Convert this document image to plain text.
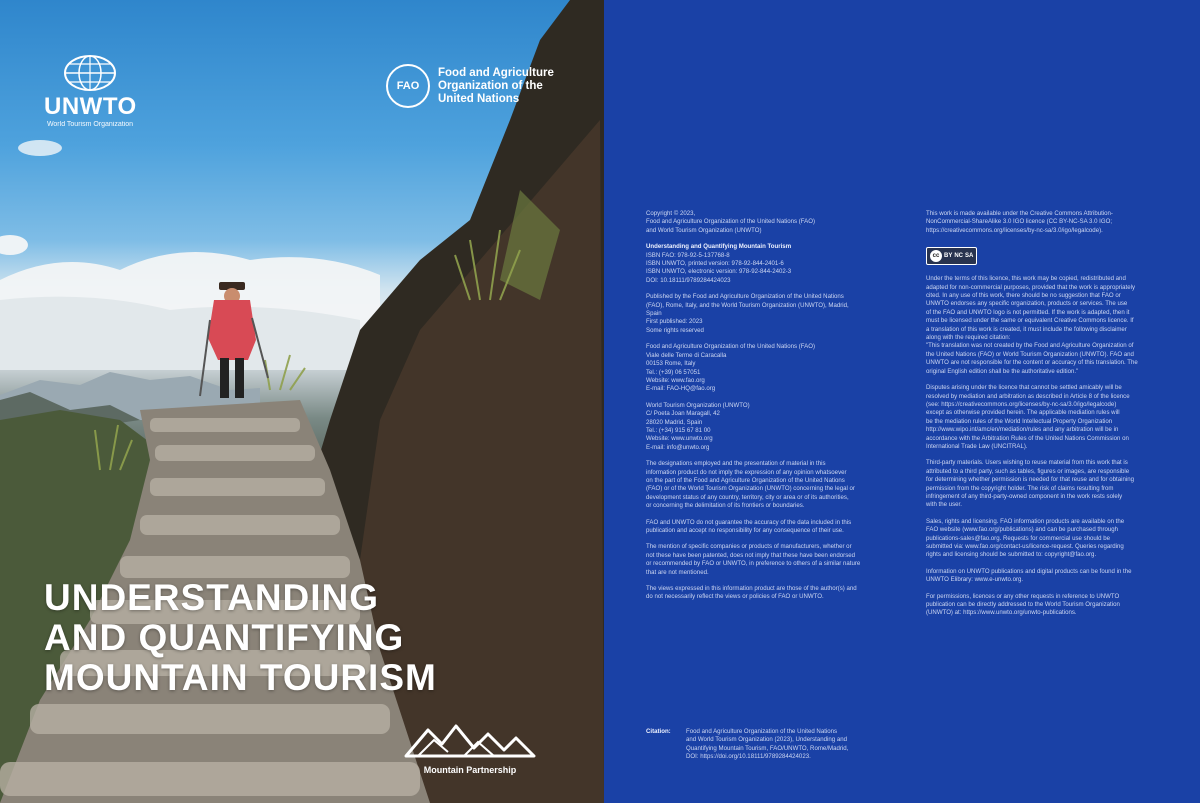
UNWTO
World Tourism Organization
FAO
Food and Agriculture
Organization of the
United Nations
UNDERSTANDING
AND QUANTIFYING
MOUNTAIN TOURISM
Mountain Partnership

Copyright © 2023,
Food and Agriculture Organization of the United Nations (FAO)
and World Tourism Organization (UNWTO)

Understanding and Quantifying Mountain Tourism
ISBN FAO: 978-92-5-137768-8
ISBN UNWTO, printed version: 978-92-844-2401-6
ISBN UNWTO, electronic version: 978-92-844-2402-3
DOI: 10.18111/9789284424023

Published by the Food and Agriculture Organization of the United Nations
(FAO), Rome, Italy, and the World Tourism Organization (UNWTO), Madrid,
Spain
First published: 2023
Some rights reserved

Food and Agriculture Organization of the United Nations (FAO)
Viale delle Terme di Caracalla
00153 Rome, Italy
Tel.: (+39) 06 57051
Website: www.fao.org
E-mail: FAO-HQ@fao.org

World Tourism Organization (UNWTO)
C/ Poeta Joan Maragall, 42
28020 Madrid, Spain
Tel.: (+34) 915 67 81 00
Website: www.unwto.org
E-mail: info@unwto.org

The designations employed and the presentation of material in this
information product do not imply the expression of any opinion whatsoever
on the part of the Food and Agriculture Organization of the United Nations
(FAO) or of the World Tourism Organization (UNWTO) concerning the legal or
development status of any country, territory, city or area or of its authorities,
or concerning the delimitation of its frontiers or boundaries.

FAO and UNWTO do not guarantee the accuracy of the data included in this
publication and accept no responsibility for any consequence of their use.

The mention of specific companies or products of manufacturers, whether or
not these have been patented, does not imply that these have been endorsed
or recommended by FAO or UNWTO, in preference to others of a similar nature
that are not mentioned.

The views expressed in this information product are those of the author(s) and
do not necessarily reflect the views or policies of FAO or UNWTO.

This work is made available under the Creative Commons Attribution-
NonCommercial-ShareAlike 3.0 IGO licence (CC BY-NC-SA 3.0 IGO;
https://creativecommons.org/licenses/by-nc-sa/3.0/igo/legalcode).

cc BY NC SA

Under the terms of this licence, this work may be copied, redistributed and
adapted for non-commercial purposes, provided that the work is appropriately
cited. In any use of this work, there should be no suggestion that FAO or
UNWTO endorses any specific organization, products or services. The use
of the FAO and UNWTO logo is not permitted. If the work is adapted, then it
must be licensed under the same or equivalent Creative Commons licence. If
a translation of this work is created, it must include the following disclaimer
along with the required citation:
"This translation was not created by the Food and Agriculture Organization of
the United Nations (FAO) or World Tourism Organization (UNWTO). FAO and
UNWTO are not responsible for the content or accuracy of this translation. The
original English edition shall be the authoritative edition."

Disputes arising under the licence that cannot be settled amicably will be
resolved by mediation and arbitration as described in Article 8 of the licence
(see: https://creativecommons.org/licenses/by-nc-sa/3.0/igo/legalcode)
except as otherwise provided herein. The applicable mediation rules will
be the mediation rules of the World Intellectual Property Organization
http://www.wipo.int/amc/en/mediation/rules and any arbitration will be in
accordance with the Arbitration Rules of the United Nations Commission on
International Trade Law (UNCITRAL).

Third-party materials. Users wishing to reuse material from this work that is
attributed to a third party, such as tables, figures or images, are responsible
for determining whether permission is needed for that reuse and for obtaining
permission from the copyright holder. The risk of claims resulting from
infringement of any third-party-owned component in the work rests solely
with the user.

Sales, rights and licensing. FAO information products are available on the
FAO website (www.fao.org/publications) and can be purchased through
publications-sales@fao.org. Requests for commercial use should be
submitted via: www.fao.org/contact-us/licence-request. Queries regarding
rights and licensing should be submitted to: copyright@fao.org.

Information on UNWTO publications and digital products can be found in the
UNWTO Elibrary: www.e-unwto.org.

For permissions, licences or any other requests in reference to UNWTO
publication can be directly addressed to the World Tourism Organization
(UNWTO) at: https://www.unwto.org/unwto-publications.

Citation:	Food and Agriculture Organization of the United Nations
and World Tourism Organization (2023), Understanding and
Quantifying Mountain Tourism, FAO/UNWTO, Rome/Madrid,
DOI: https://doi.org/10.18111/9789284424023.
